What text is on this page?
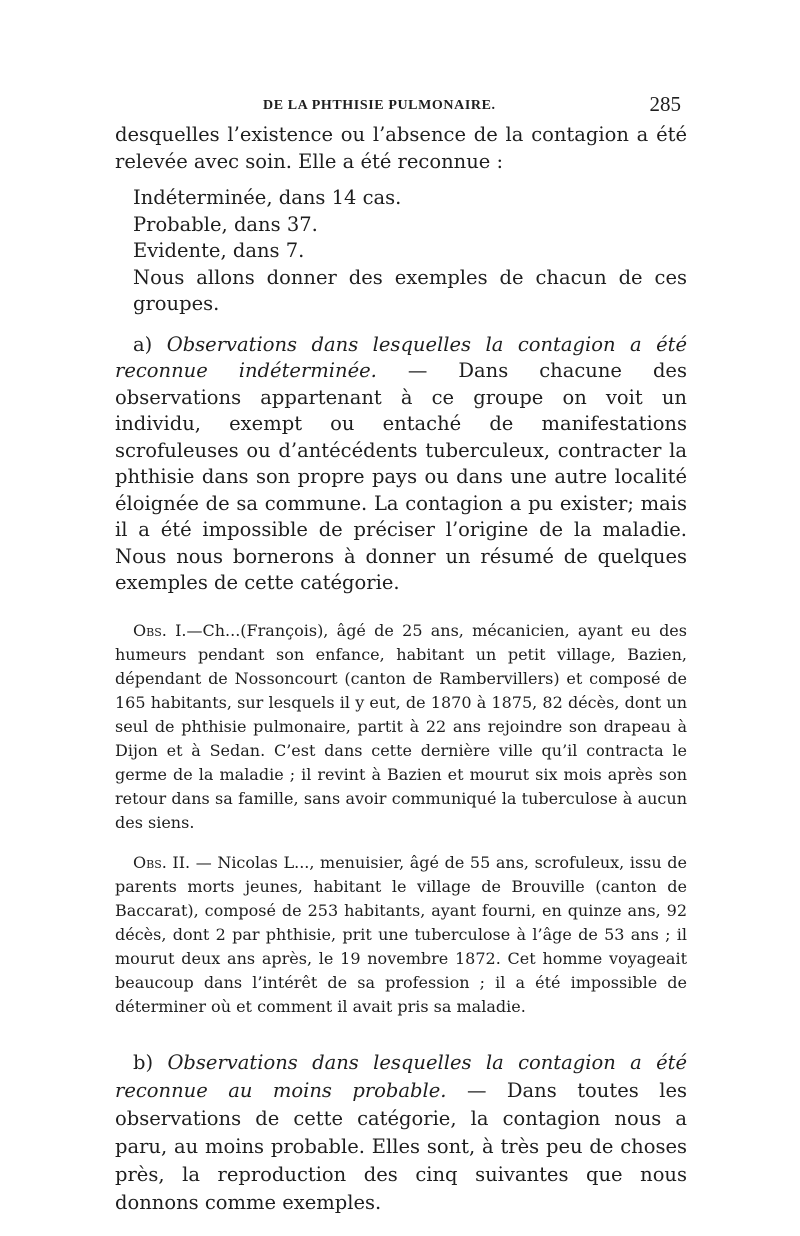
DE LA PHTHISIE PULMONAIRE.	285

desquelles l’existence ou l’absence de la contagion a été relevée avec soin. Elle a été reconnue :

Indéterminée, dans 14 cas.
Probable, dans 37.
Evidente, dans 7.
Nous allons donner des exemples de chacun de ces groupes.

a) Observations dans lesquelles la contagion a été reconnue indéterminée. — Dans chacune des observations appartenant à ce groupe on voit un individu, exempt ou entaché de manifestations scrofuleuses ou d’antécédents tuberculeux, contracter la phthisie dans son propre pays ou dans une autre localité éloignée de sa commune. La contagion a pu exister; mais il a été impossible de préciser l’origine de la maladie. Nous nous bornerons à donner un résumé de quelques exemples de cette catégorie.

Obs. I.—Ch...(François), âgé de 25 ans, mécanicien, ayant eu des humeurs pendant son enfance, habitant un petit village, Bazien, dépendant de Nossoncourt (canton de Rambervillers) et composé de 165 habitants, sur lesquels il y eut, de 1870 à 1875, 82 décès, dont un seul de phthisie pulmonaire, partit à 22 ans rejoindre son drapeau à Dijon et à Sedan. C’est dans cette dernière ville qu’il contracta le germe de la maladie ; il revint à Bazien et mourut six mois après son retour dans sa famille, sans avoir communiqué la tuberculose à aucun des siens.

Obs. II. — Nicolas L..., menuisier, âgé de 55 ans, scrofuleux, issu de parents morts jeunes, habitant le village de Brouville (canton de Baccarat), composé de 253 habitants, ayant fourni, en quinze ans, 92 décès, dont 2 par phthisie, prit une tuberculose à l’âge de 53 ans ; il mourut deux ans après, le 19 novembre 1872. Cet homme voyageait beaucoup dans l’intérêt de sa profession ; il a été impossible de déterminer où et comment il avait pris sa maladie.

b) Observations dans lesquelles la contagion a été reconnue au moins probable. — Dans toutes les observations de cette catégorie, la contagion nous a paru, au moins probable. Elles sont, à très peu de choses près, la reproduction des cinq suivantes que nous donnons comme exemples.
